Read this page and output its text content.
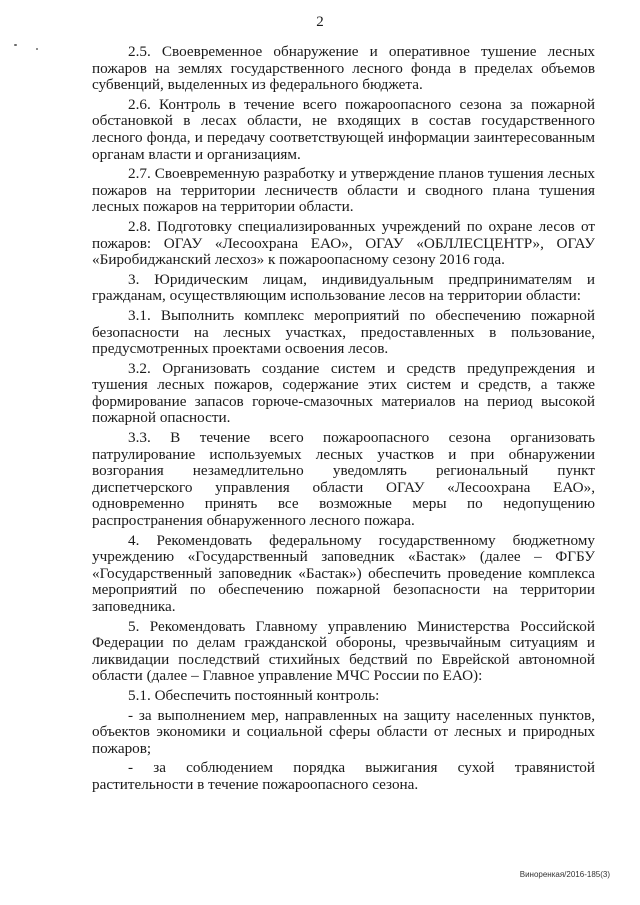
2

2.5. Своевременное обнаружение и оперативное тушение лесных пожаров на землях государственного лесного фонда в пределах объемов субвенций, выделенных из федерального бюджета.

2.6. Контроль в течение всего пожароопасного сезона за пожарной обстановкой в лесах области, не входящих в состав государственного лесного фонда, и передачу соответствующей информации заинтересованным органам власти и организациям.

2.7. Своевременную разработку и утверждение планов тушения лесных пожаров на территории лесничеств области и сводного плана тушения лесных пожаров на территории области.

2.8. Подготовку специализированных учреждений по охране лесов от пожаров: ОГАУ «Лесоохрана ЕАО», ОГАУ «ОБЛЛЕСЦЕНТР», ОГАУ «Биробиджанский лесхоз» к пожароопасному сезону 2016 года.

3. Юридическим лицам, индивидуальным предпринимателям и гражданам, осуществляющим использование лесов на территории области:

3.1. Выполнить комплекс мероприятий по обеспечению пожарной безопасности на лесных участках, предоставленных в пользование, предусмотренных проектами освоения лесов.

3.2. Организовать создание систем и средств предупреждения и тушения лесных пожаров, содержание этих систем и средств, а также формирование запасов горюче-смазочных материалов на период высокой пожарной опасности.

3.3. В течение всего пожароопасного сезона организовать патрулирование используемых лесных участков и при обнаружении возгорания незамедлительно уведомлять региональный пункт диспетчерского управления области ОГАУ «Лесоохрана ЕАО», одновременно принять все возможные меры по недопущению распространения обнаруженного лесного пожара.

4. Рекомендовать федеральному государственному бюджетному учреждению «Государственный заповедник «Бастак» (далее – ФГБУ «Государственный заповедник «Бастак») обеспечить проведение комплекса мероприятий по обеспечению пожарной безопасности на территории заповедника.

5. Рекомендовать Главному управлению Министерства Российской Федерации по делам гражданской обороны, чрезвычайным ситуациям и ликвидации последствий стихийных бедствий по Еврейской автономной области (далее – Главное управление МЧС России по ЕАО):

5.1. Обеспечить постоянный контроль:

- за выполнением мер, направленных на защиту населенных пунктов, объектов экономики и социальной сферы области от лесных и природных пожаров;

- за соблюдением порядка выжигания сухой травянистой растительности в течение пожароопасного сезона.

Виноренкая/2016-185(3)
